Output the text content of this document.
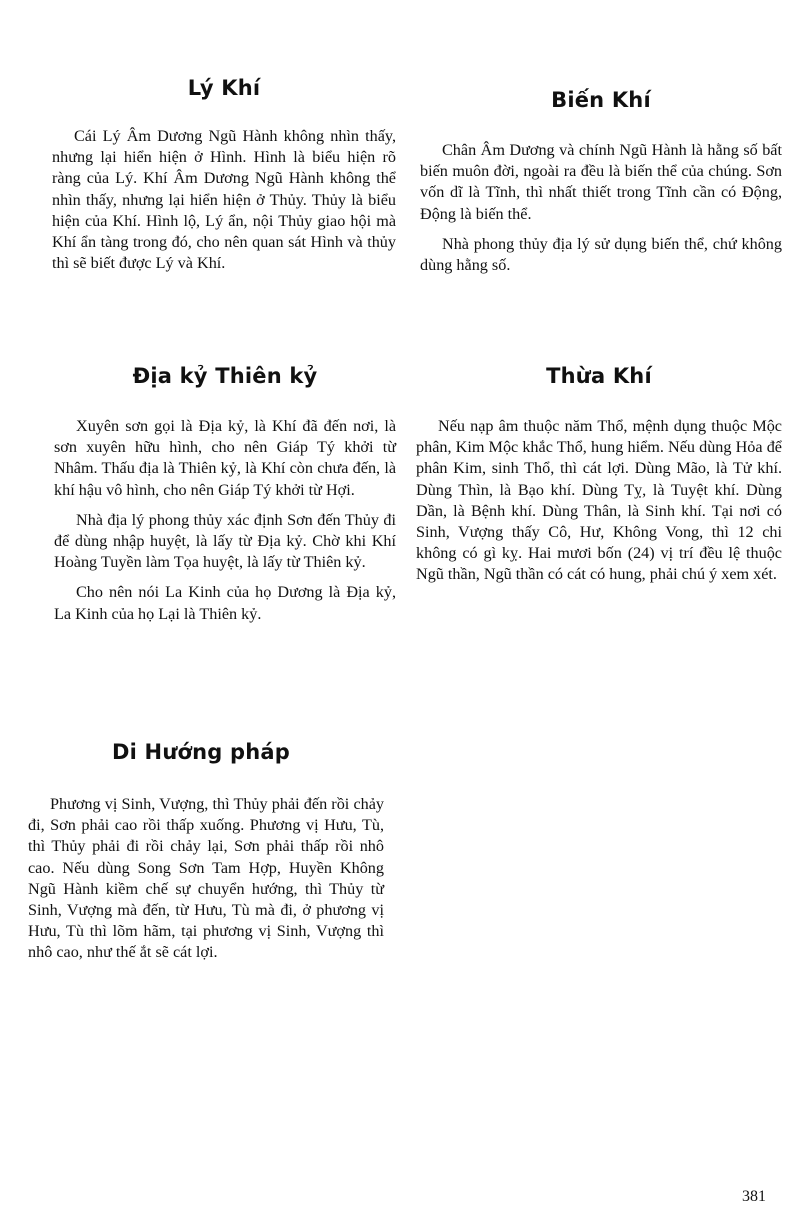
Lý Khí

Cái Lý Âm Dương Ngũ Hành không nhìn thấy, nhưng lại hiển hiện ở Hình. Hình là biểu hiện rõ ràng của Lý. Khí Âm Dương Ngũ Hành không thể nhìn thấy, nhưng lại hiển hiện ở Thủy. Thủy là biểu hiện của Khí. Hình lộ, Lý ẩn, nội Thủy giao hội mà Khí ẩn tàng trong đó, cho nên quan sát Hình và thủy thì sẽ biết được Lý và Khí.

Biến Khí

Chân Âm Dương và chính Ngũ Hành là hằng số bất biến muôn đời, ngoài ra đều là biến thể của chúng. Sơn vốn dĩ là Tĩnh, thì nhất thiết trong Tĩnh cần có Động, Động là biến thể.

Nhà phong thủy địa lý sử dụng biến thể, chứ không dùng hằng số.

Địa kỷ Thiên kỷ

Xuyên sơn gọi là Địa kỷ, là Khí đã đến nơi, là sơn xuyên hữu hình, cho nên Giáp Tý khởi từ Nhâm. Thấu địa là Thiên kỷ, là Khí còn chưa đến, là khí hậu vô hình, cho nên Giáp Tý khởi từ Hợi.

Nhà địa lý phong thủy xác định Sơn đến Thủy đi để dùng nhập huyệt, là lấy từ Địa kỷ. Chờ khi Khí Hoàng Tuyền làm Tọa huyệt, là lấy từ Thiên kỷ.

Cho nên nói La Kinh của họ Dương là Địa kỷ, La Kinh của họ Lại là Thiên kỷ.

Thừa Khí

Nếu nạp âm thuộc năm Thổ, mệnh dụng thuộc Mộc phân, Kim Mộc khắc Thổ, hung hiểm. Nếu dùng Hỏa để phân Kim, sinh Thổ, thì cát lợi. Dùng Mão, là Tử khí. Dùng Thìn, là Bạo khí. Dùng Tỵ, là Tuyệt khí. Dùng Dần, là Bệnh khí. Dùng Thân, là Sinh khí. Tại nơi có Sinh, Vượng thấy Cô, Hư, Không Vong, thì 12 chi không có gì kỵ. Hai mươi bốn (24) vị trí đều lệ thuộc Ngũ thần, Ngũ thần có cát có hung, phải chú ý xem xét.

Di Hướng pháp

Phương vị Sinh, Vượng, thì Thủy phải đến rồi chảy đi, Sơn phải cao rồi thấp xuống. Phương vị Hưu, Tù, thì Thủy phải đi rồi chảy lại, Sơn phải thấp rồi nhô cao. Nếu dùng Song Sơn Tam Hợp, Huyền Không Ngũ Hành kiềm chế sự chuyển hướng, thì Thủy từ Sinh, Vượng mà đến, từ Hưu, Tù mà đi, ở phương vị Hưu, Tù thì lõm hãm, tại phương vị Sinh, Vượng thì nhô cao, như thế ắt sẽ cát lợi.

381
